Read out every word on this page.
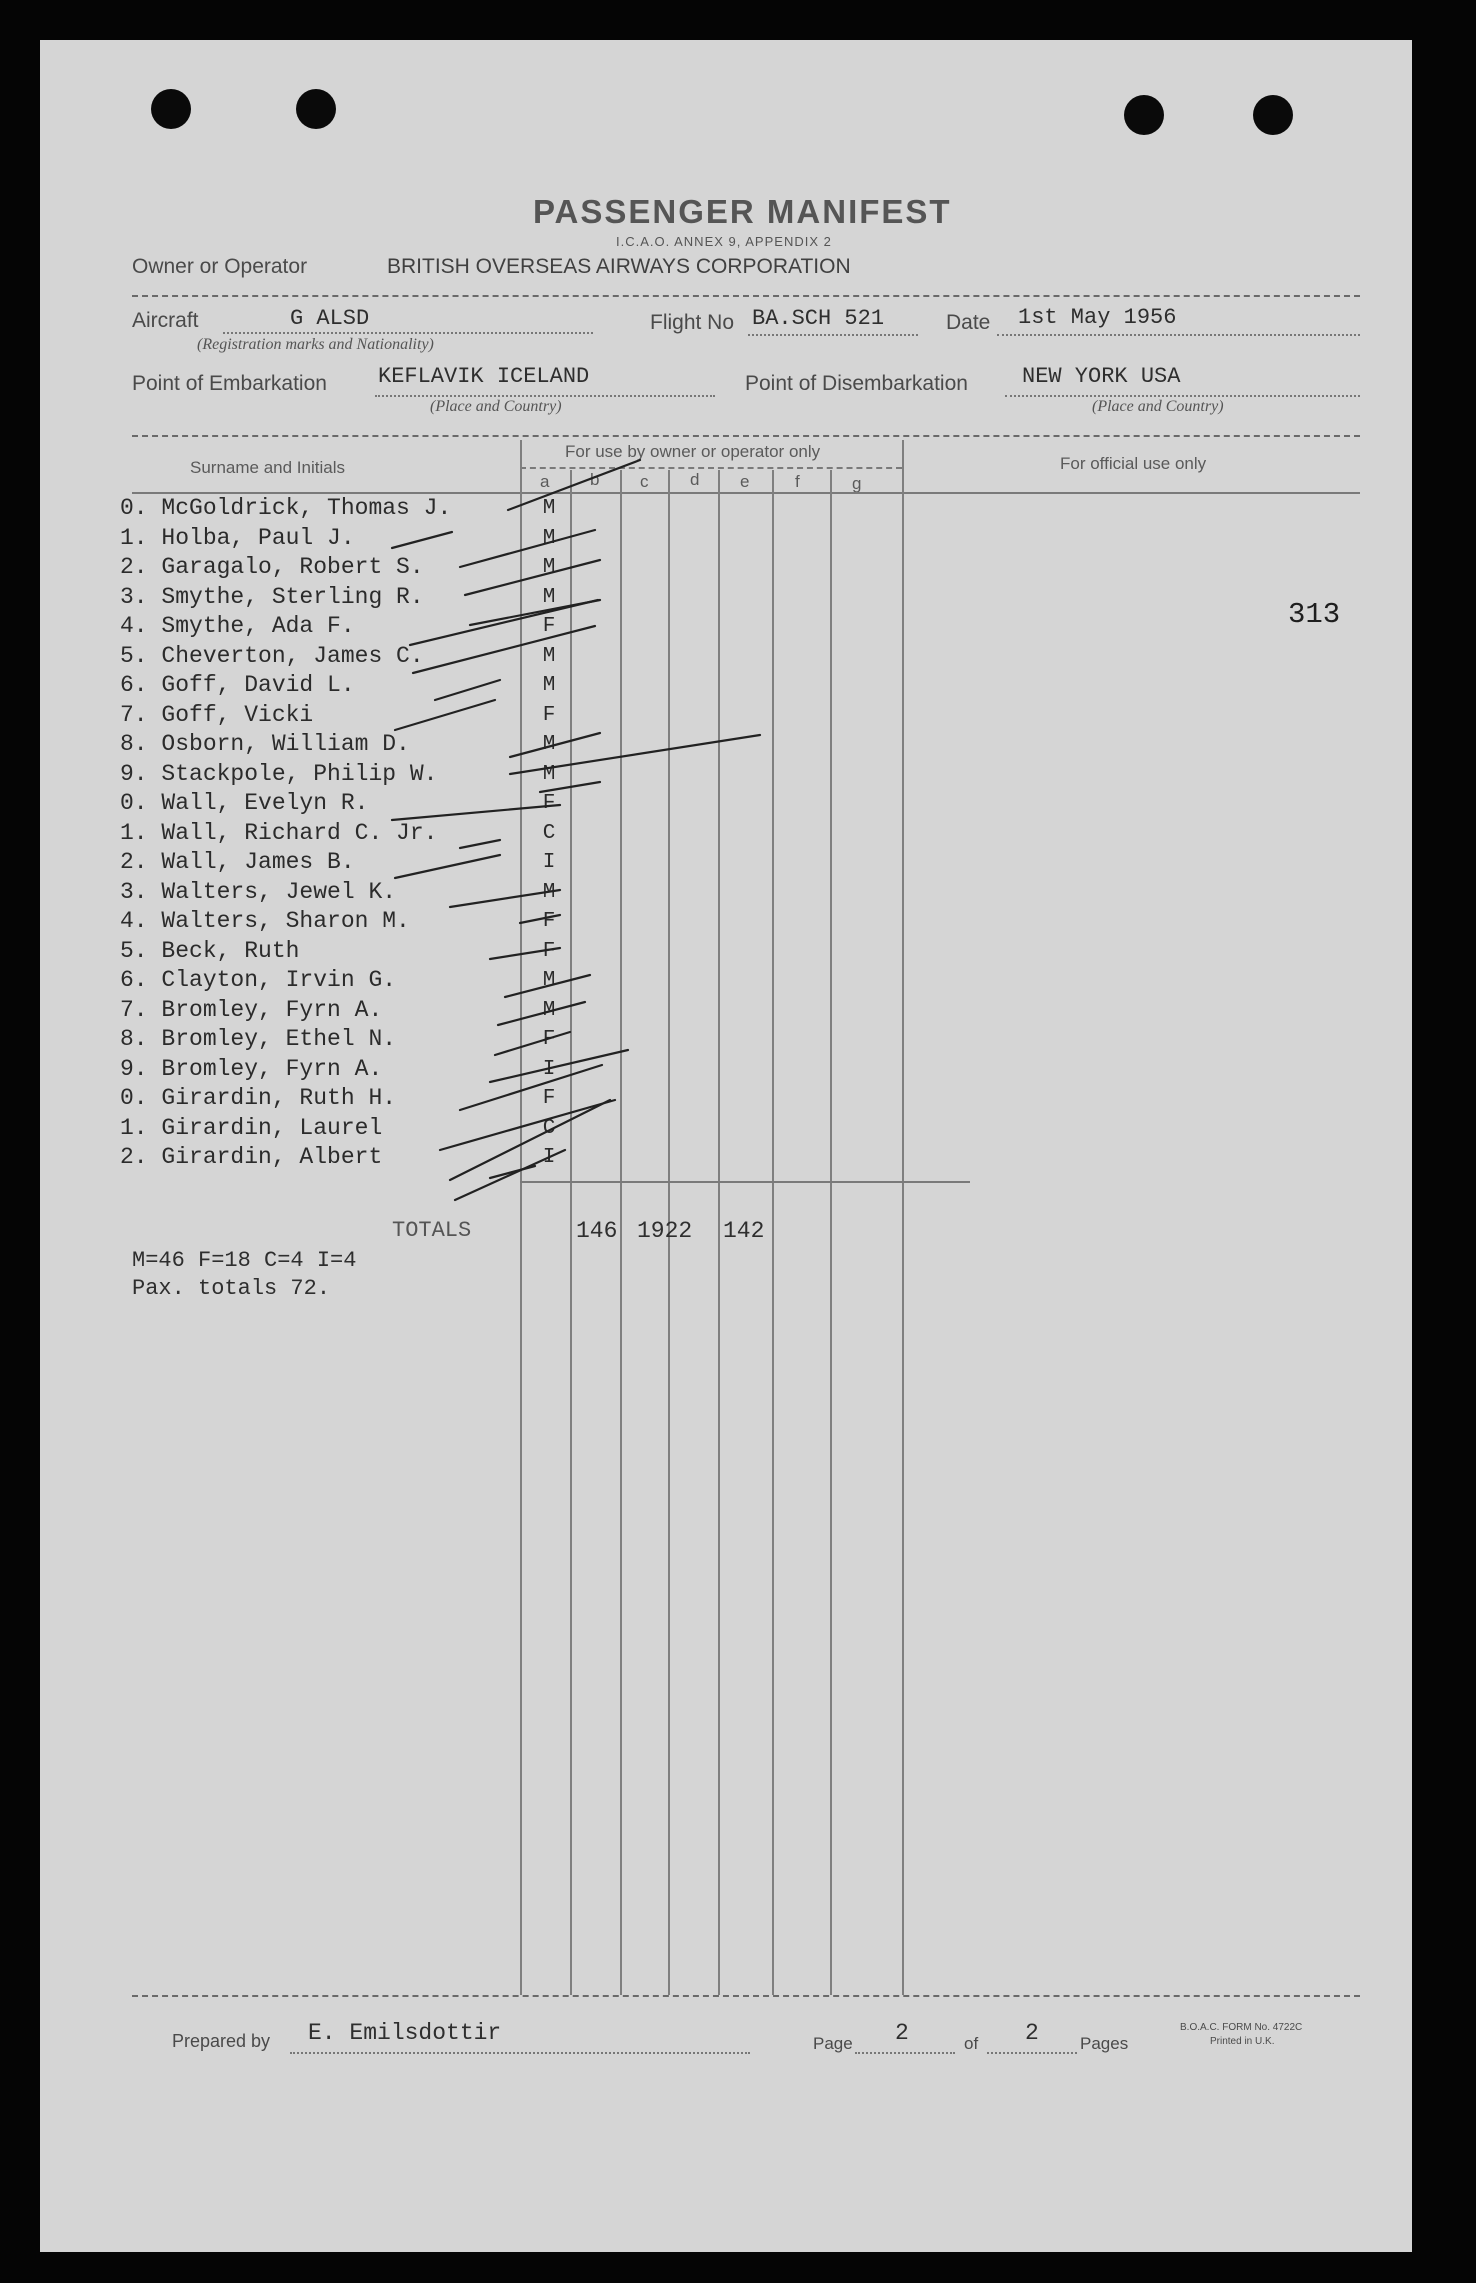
PASSENGER MANIFEST
I.C.A.O. ANNEX 9, APPENDIX 2
Owner or Operator	BRITISH OVERSEAS AIRWAYS CORPORATION
Aircraft	G ALSD
(Registration marks and Nationality)
Flight No BA.SCH 521	Date 1st May 1956
Point of Embarkation KEFLAVIK ICELAND
(Place and Country)
Point of Disembarkation NEW YORK USA
(Place and Country)
Surname and Initials
For use by owner or operator only
For official use only
a b c d e	f	g
313
0. McGoldrick, Thomas J.	M
1. Holba, Paul J.	M
2. Garagalo, Robert S.	M
3. Smythe, Sterling R.	M
4. Smythe, Ada F.	F
5. Cheverton, James C.	M
6. Goff, David L.	M
7. Goff, Vicki	F
8. Osborn, William D.	M
9. Stackpole, Philip W.	M
0. Wall, Evelyn R.	F
1. Wall, Richard C. Jr.	C
2. Wall, James B.	I
3. Walters, Jewel K.	M
4. Walters, Sharon M.	F
5. Beck, Ruth	F
6. Clayton, Irvin G.	M
7. Bromley, Fyrn A.	M
8. Bromley, Ethel N.	F
9. Bromley, Fyrn A.	I
0. Girardin, Ruth H.	F
1. Girardin, Laurel	C
2. Girardin, Albert	I
TOTALS	146 1922 142
M=46 F=18 C=4 I=4
Pax. totals 72.
Prepared by E. Emilsdottir	Page 2	of 2 Pages
B.O.A.C. FORM No. 4722C
Printed in U.K.
